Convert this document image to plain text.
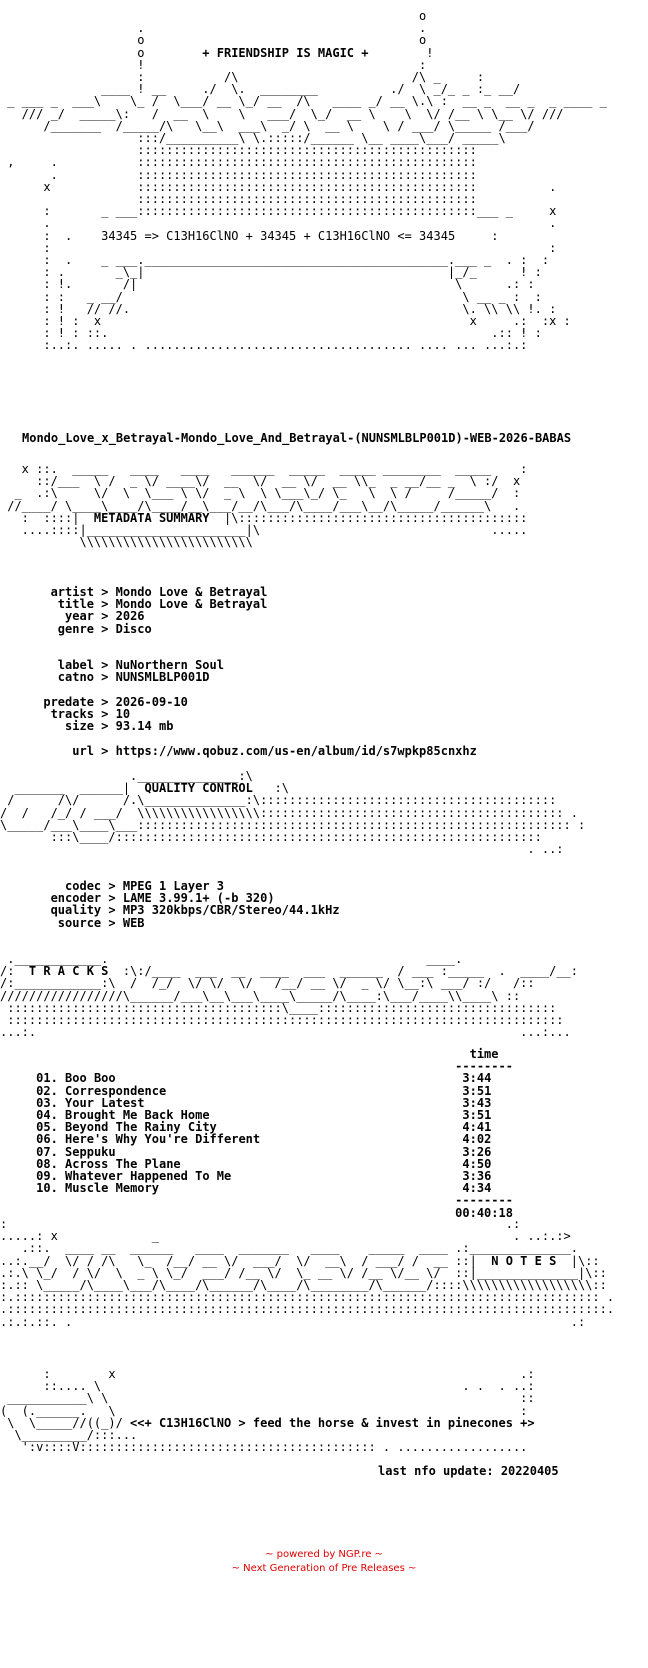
o
.                                      .
o                                      o
o	+ FRIENDSHIP IS MAGIC +	!
!                                      :
:           /\                        /\ _     :
____ ! __     ./  \.  ________          ./  \ _/_ _ :_ __/
_ ___ _  ___\    \_ /  \___/ __ \_/ __  /\   ____ _/ __ \.\ :  __ _  __ _  _ ____ _
/// _/  _____\:   /  __  \    \   ___/  \_/  __ \    \  \/ /__ \ \__ \/ ///
/_______  /_____/\   \__\  ___\  _/ \  __ \    \ / ___/ \_____ /___/
:::/__________\ \.:::::/______ \__ ____\___/ _____\
:::::::::::::::::::::::::::::::::::::::::::::::
,     .           :::::::::::::::::::::::::::::::::::::::::::::::
.           :::::::::::::::::::::::::::::::::::::::::::::::
x            :::::::::::::::::::::::::::::::::::::::::::::::          .
:::::::::::::::::::::::::::::::::::::::::::::::
:       _ ___:::::::::::::::::::::::::::::::::::::::::::::::___ _     x
.                                                                     .
:  .    34345 => C13H16ClNO + 34345 + C13H16ClNO <= 34345	:
:                                                                     :
:  .    _ ___.__________________________________________.___ _  . :  :
: .       _\_|                                          |_/_      ! :
: !.       /|                                            \      .: :
: :   _ __/                                               \ __ _ :  :
: !   // //.                                              \. \\ \\ !. :
: ! :  x                                                   x     .:  :x :
: ! : ::.                                                     .:: ! :
:..:. ..... . ..................................... .... ... ...:.:
Mondo_Love_x_Betrayal-Mondo_Love_And_Betrayal-(NUNSMLBLP001D)-WEB-2026-BABAS
x ::.  _____   ____   ____   ______  _____  _____ ________  _____    :
::/___  \ /  _ \/ ____\/  __  \/  __ \/  __ \\_  _ __/__ _  \ :/  x
_  .:\     \/  \  \___ \ \/  _ \  \ \___\_/ \_   \  \ /     /_____/  :
//____/ \____\____/\____/__\___/__/\___/\____/___\__/\_____/______\   .
:  ::::|  METADATA SUMMARY  |\::::::::::::::::::::::::::::::::::::::::
....::::|______________________|\                                .....
\\\\\\\\\\\\\\\\\\\\\\\\
artist > Mondo Love & Betrayal
title > Mondo Love & Betrayal
year > 2026
genre > Disco

label > NuNorthern Soul
catno > NUNSMLBLP001D

predate > 2026-09-10
tracks > 10
size > 93.14 mb

url > https://www.qobuz.com/us-en/album/id/s7wpkp85cnxhz
.______________:\
_______  ______|  QUALITY CONTROL   :\
/      /\/      /.\______________:\:::::::::::::::::::::::::::::::::::::::::
/  /   /_/ / ___/  \\\\\\\\\\\\\\\\\:::::::::::::::::::::::::::::::::::::::::: .
\_____/___\____\___:::::::::::::::::::::::::::::::::::::::::::::::::::::::::::: :
:::\____/:::::::::::::::::::::::::::::::::::::::::::::::::::::::::::
. ..:
codec > MPEG 1 Layer 3
encoder > LAME 3.99.1+ (-b 320)
quality > MP3 320kbps/CBR/Stereo/44.1kHz
source > WEB
.____________.                                            ____.
/:  T R A C K S  :\:/____  ___  __  ____  ___  ______  / ___ :_____  .  ____/__:
/:____________:\  /  /_/  \/ \/  \/   /__/ __ \/  _ \/ \__:\ ___/ :/   /::
/////////////////\______/___\__\___\____\_____/\____:\___/____\\____\ ::
::::::::::::::::::::::::::::::::::::::\____:::::::::::::::::::::::::::::::::
:::::::::::::::::::::::::::::::::::::::::::::::::::::::::::::::::::::::::::::
...:.                                                                   ...:...
time
--------
01. Boo Boo	3:44
02. Correspondence	3:51
03. Your Latest	3:43
04. Brought Me Back Home	3:51
05. Beyond The Rainy City	4:41
06. Here's Why You're Different	4:02
07. Seppuku	3:26
08. Across The Plane	4:50
09. Whatever Happened To Me	3:36
10. Muscle Memory	4:34
--------
00:40:18
:                                                                     .:
.....: x             _                                                 . ..:.:>
.::.  ____ __  ______   ____  _______   ____    _____  ____ .:______________.
..:.__/  \/ / /\   \_  /__/ __ \/  ___/  \/  __\  / ___/ /  __ ::|  N O T E S  |\::
.:.\ \_/  / \/  \  _ \ \_/  ___/ /__ \/  \_ __ \/ /__ \/__ \/  ::|______________|\::
:.:: \_____/\____\___/\____/\______/\____/\________/\______/::::\\\\\\\\\\\\\\\\\\::
:.::::::::::::::::::::::::::::::::::::::::::::::::::::::::::::::::::::::::::::::::: .
.:::::::::::::::::::::::::::::::::::::::::::::::::::::::::::::::::::::::::::::::::::.
.:.:.::. .                                                                     .:
:        x                                                        .:
::.... \                                                  . .  . ..:
___________\ \                                                         ::
(  (.______.   \                                                        :
\  \_____//((_)/ <<+ C13H16ClNO > feed the horse & invest in pinecones +>
\_________/:::...
':v::::V::::::::::::::::::::::::::::::::::::::::: . ..................
last nfo update: 20220405
~ powered by NGP.re ~
~ Next Generation of Pre Releases ~
